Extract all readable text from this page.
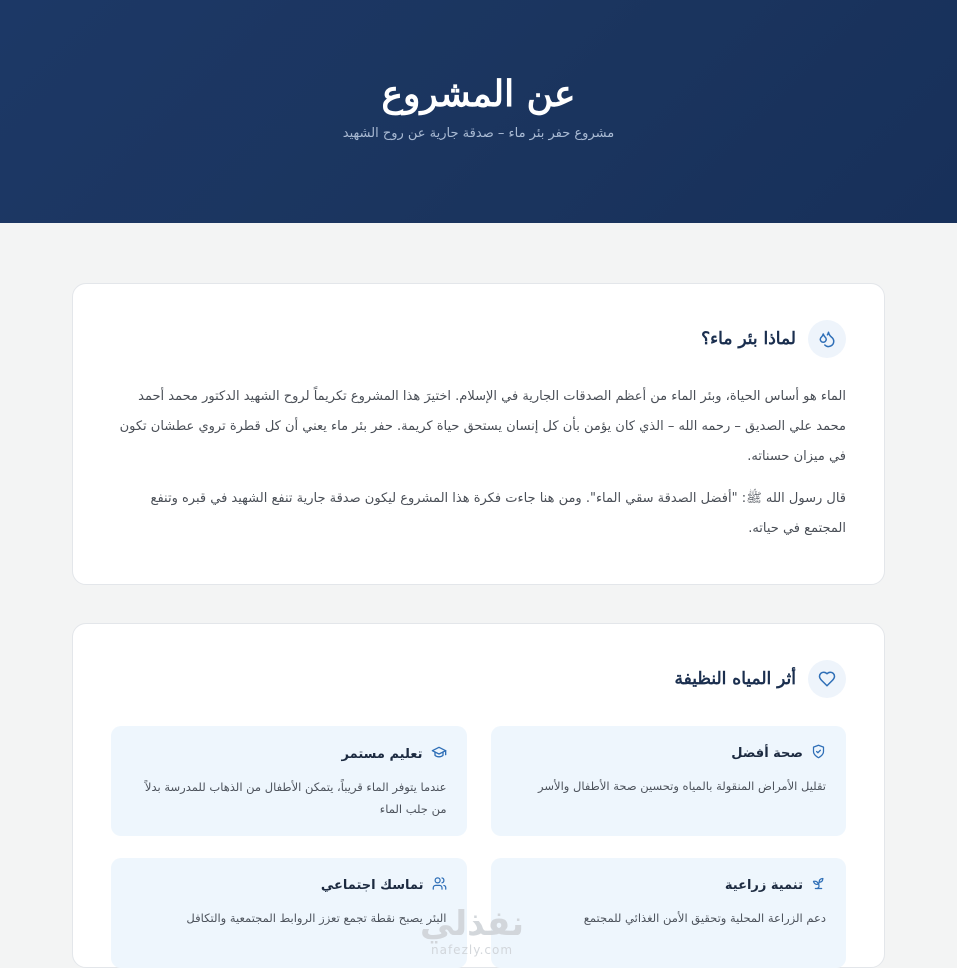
عن المشروع

مشروع حفر بئر ماء – صدقة جارية عن روح الشهيد

لماذا بئر ماء؟

الماء هو أساس الحياة، وبئر الماء من أعظم الصدقات الجارية في الإسلام. اختيرَ هذا المشروع تكريماً لروح الشهيد الدكتور محمد أحمد محمد علي الصديق – رحمه الله – الذي كان يؤمن بأن كل إنسان يستحق حياة كريمة. حفر بئر ماء يعني أن كل قطرة تروي عطشان تكون في ميزان حسناته.

قال رسول الله ﷺ: "أفضل الصدقة سقي الماء". ومن هنا جاءت فكرة هذا المشروع ليكون صدقة جارية تنفع الشهيد في قبره وتنفع المجتمع في حياته.

أثر المياه النظيفة
صحة أفضل

تقليل الأمراض المنقولة بالمياه وتحسين صحة الأطفال والأسر

تعليم مستمر

عندما يتوفر الماء قريباً، يتمكن الأطفال من الذهاب للمدرسة بدلاً من جلب الماء

تنمية زراعية

دعم الزراعة المحلية وتحقيق الأمن الغذائي للمجتمع

تماسك اجتماعي

البئر يصبح نقطة تجمع تعزز الروابط المجتمعية والتكافل

نفذلي
nafezly.com
